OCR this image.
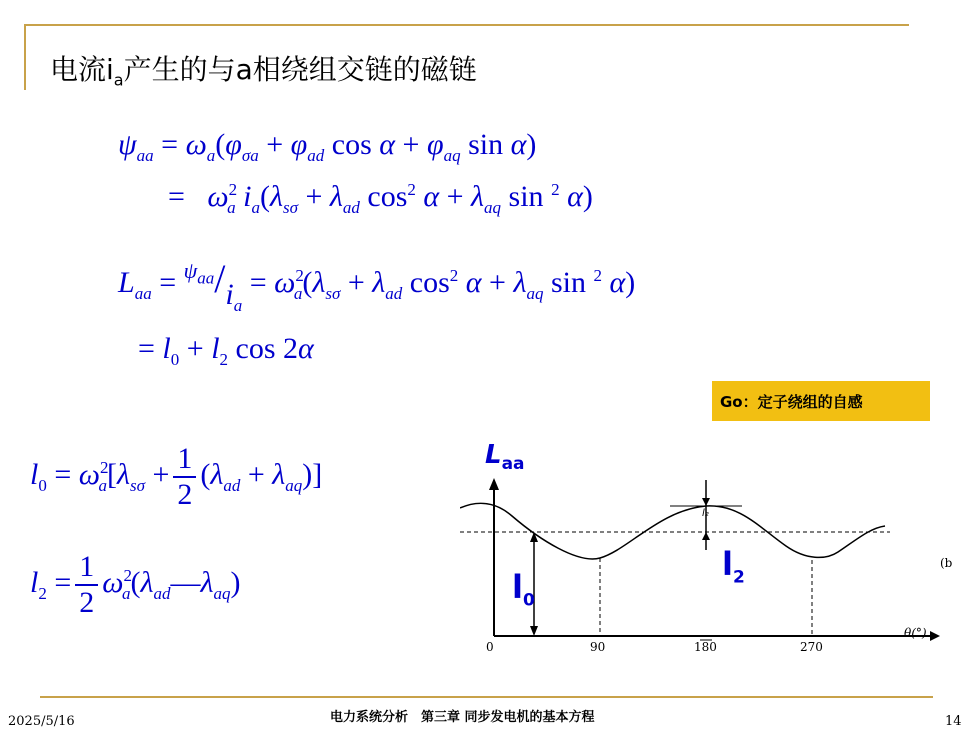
电流$i_a$产生的与a相绕组交链的磁链
$\psi_{aa} = \omega_a(\varphi_{\sigma a} + \varphi_{ad}$ $\cos \alpha + \varphi_{aq}$ sin α)
=   $\omega^2_a$ $i_a(\lambda_{s\sigma} + \lambda_{ad}$ $\cos^2 \alpha + \lambda_{aq}$ sin $^2$ α)
$L_{aa} = ^{\psi_{aa}}/i_a = \omega^2_a(\lambda_{s\sigma} + \lambda_{ad}$ $\cos^2 \alpha + \lambda_{aq}$ sin $^2$ α)
= $l_0 + l_2$ cos 2α
$l_0 = \omega^2_a[\lambda_{s\sigma} + \frac{1}{2} (\lambda_{ad} + \lambda_{aq})]$
$l_2 = \frac{1}{2}$ $\omega^2_a(\lambda_{ad}—\lambda_{aq})$
Go：定子绕组的自感
$L_{aa}$
$l_0$
$l_2$
l₂
0	90	180	270
θ(°)
(b
2025/5/16	电力系统分析　第三章 同步发电机的基本方程	14
